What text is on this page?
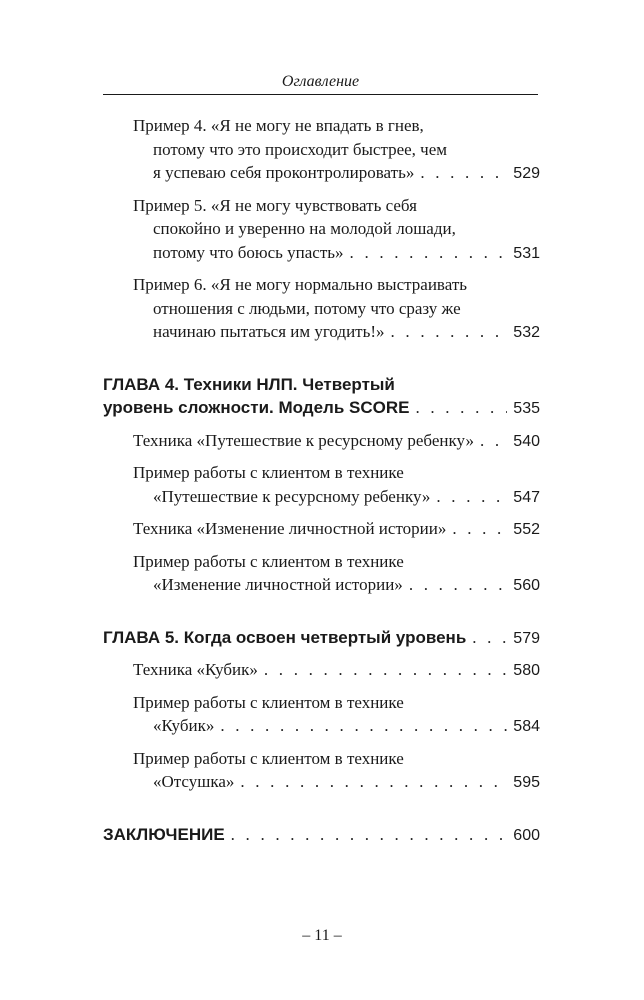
Оглавление
Пример 4. «Я не могу не впадать в гнев,
потому что это происходит быстрее, чем
я успеваю себя проконтролировать» . . .	529
Пример 5. «Я не могу чувствовать себя
спокойно и уверенно на молодой лошади,
потому что боюсь упасть» . . .	531
Пример 6. «Я не могу нормально выстраивать
отношения с людьми, потому что сразу же
начинаю пытаться им угодить!» . . .	532
ГЛАВА 4. Техники НЛП. Четвертый
уровень сложности. Модель SCORE . . .	535
Техника «Путешествие к ресурсному ребенку» . . . 540
Пример работы с клиентом в технике
«Путешествие к ресурсному ребенку» . . .	547
Техника «Изменение личностной истории» . . .	552
Пример работы с клиентом в технике
«Изменение личностной истории» . . .	560
ГЛАВА 5. Когда освоен четвертый уровень . . .	579
Техника «Кубик» . . .	580
Пример работы с клиентом в технике
«Кубик» . . .	584
Пример работы с клиентом в технике
«Отсушка» . . .	595
ЗАКЛЮЧЕНИЕ . . .	600
– 11 –
